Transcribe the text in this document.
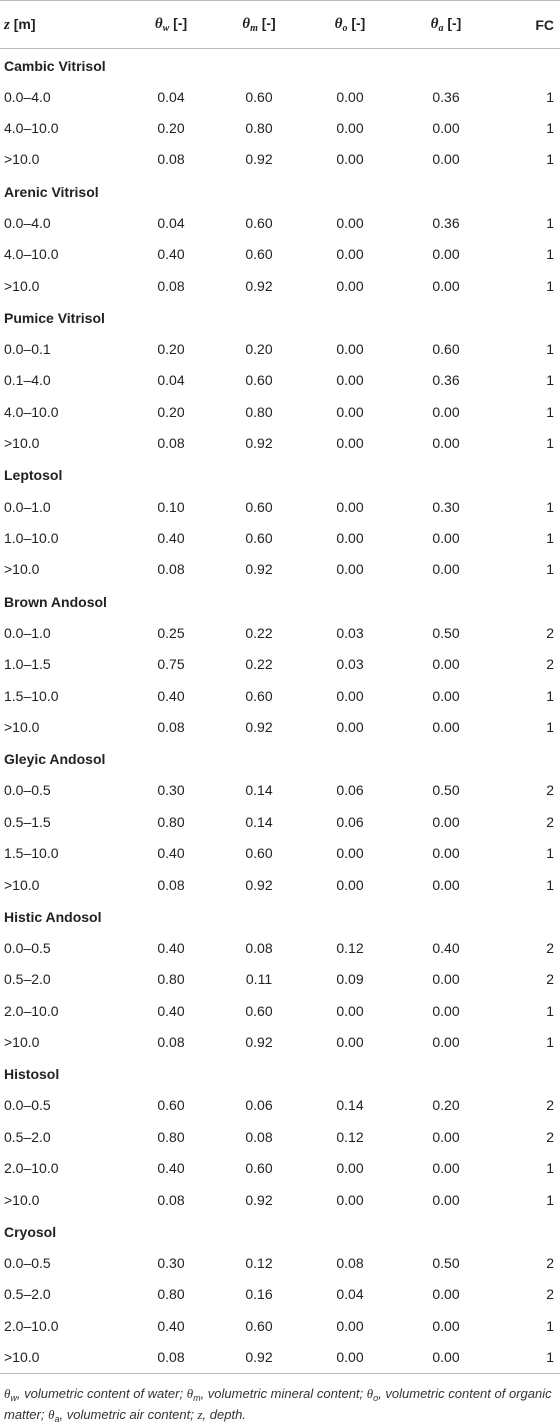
z [m]	$\theta_w$ [-]	$\theta_m$ [-]	$\theta_o$ [-]	$\theta_a$ [-]	FC
Cambic Vitrisol					
0.0–4.0	0.04	0.60	0.00	0.36	1
4.0–10.0	0.20	0.80	0.00	0.00	1
>10.0	0.08	0.92	0.00	0.00	1
Arenic Vitrisol					
0.0–4.0	0.04	0.60	0.00	0.36	1
4.0–10.0	0.40	0.60	0.00	0.00	1
>10.0	0.08	0.92	0.00	0.00	1
Pumice Vitrisol					
0.0–0.1	0.20	0.20	0.00	0.60	1
0.1–4.0	0.04	0.60	0.00	0.36	1
4.0–10.0	0.20	0.80	0.00	0.00	1
>10.0	0.08	0.92	0.00	0.00	1
Leptosol					
0.0–1.0	0.10	0.60	0.00	0.30	1
1.0–10.0	0.40	0.60	0.00	0.00	1
>10.0	0.08	0.92	0.00	0.00	1
Brown Andosol					
0.0–1.0	0.25	0.22	0.03	0.50	2
1.0–1.5	0.75	0.22	0.03	0.00	2
1.5–10.0	0.40	0.60	0.00	0.00	1
>10.0	0.08	0.92	0.00	0.00	1
Gleyic Andosol					
0.0–0.5	0.30	0.14	0.06	0.50	2
0.5–1.5	0.80	0.14	0.06	0.00	2
1.5–10.0	0.40	0.60	0.00	0.00	1
>10.0	0.08	0.92	0.00	0.00	1
Histic Andosol					
0.0–0.5	0.40	0.08	0.12	0.40	2
0.5–2.0	0.80	0.11	0.09	0.00	2
2.0–10.0	0.40	0.60	0.00	0.00	1
>10.0	0.08	0.92	0.00	0.00	1
Histosol					
0.0–0.5	0.60	0.06	0.14	0.20	2
0.5–2.0	0.80	0.08	0.12	0.00	2
2.0–10.0	0.40	0.60	0.00	0.00	1
>10.0	0.08	0.92	0.00	0.00	1
Cryosol					
0.0–0.5	0.30	0.12	0.08	0.50	2
0.5–2.0	0.80	0.16	0.04	0.00	2
2.0–10.0	0.40	0.60	0.00	0.00	1
>10.0	0.08	0.92	0.00	0.00	1
$\theta_w$, volumetric content of water; $\theta_m$, volumetric mineral content; $\theta_o$, volumetric content of organic matter; $\theta_a$, volumetric air content; z, depth.
